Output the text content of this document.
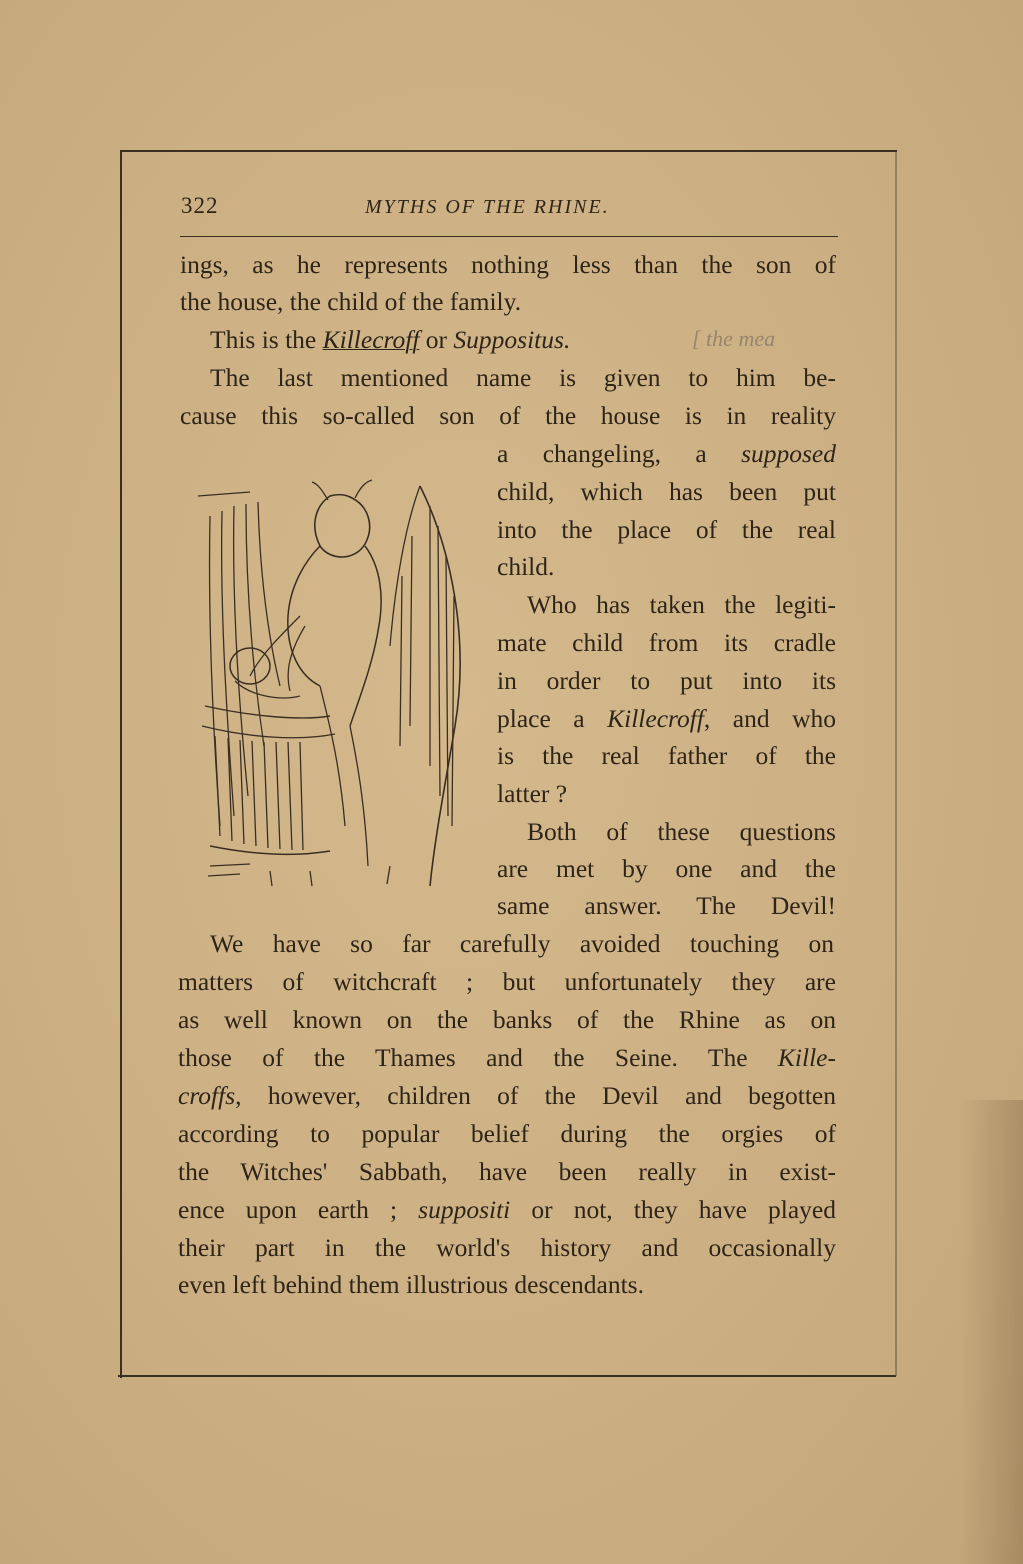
322	MYTHS OF THE RHINE.
ings, as he represents nothing less than the son of
the house, the child of the family.
This is the Killecroff or Suppositus.	[ the mea
The last mentioned name is given to him be-
cause this so-called son of the house is in reality
a changeling, a supposed
child, which has been put
into the place of the real
child.
Who has taken the legiti-
mate child from its cradle
in order to put into its
place a Killecroff, and who
is the real father of the
latter ?
Both of these questions
are met by one and the
same answer. The Devil!
We have so far carefully avoided touching on
matters of witchcraft ; but unfortunately they are
as well known on the banks of the Rhine as on
those of the Thames and the Seine. The Kille-
croffs, however, children of the Devil and begotten
according to popular belief during the orgies of
the Witches' Sabbath, have been really in exist-
ence upon earth ; suppositi or not, they have played
their part in the world's history and occasionally
even left behind them illustrious descendants.
